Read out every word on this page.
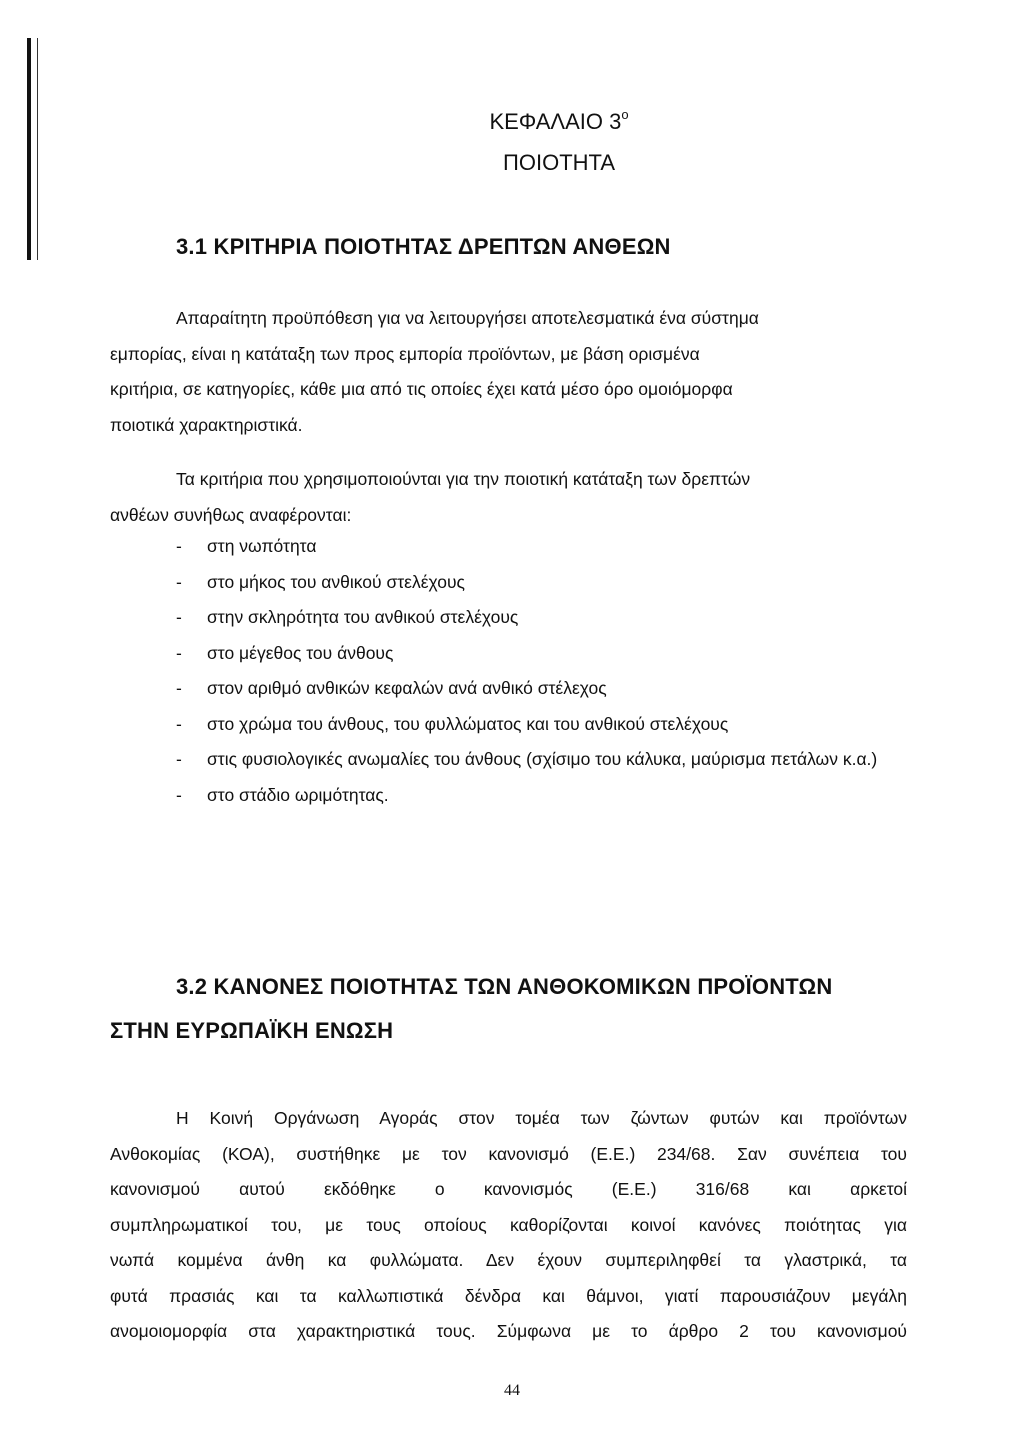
ΚΕΦΑΛΑΙΟ $3^o$
ΠΟΙΟΤΗΤΑ
3.1 ΚΡΙΤΗΡΙΑ ΠΟΙΟΤΗΤΑΣ ΔΡΕΠΤΩΝ ΑΝΘΕΩΝ
Απαραίτητη προϋπόθεση για να λειτουργήσει αποτελεσματικά ένα σύστημα
εμπορίας, είναι η κατάταξη των προς εμπορία προϊόντων, με βάση ορισμένα
κριτήρια, σε κατηγορίες, κάθε μια από τις οποίες έχει κατά μέσο όρο ομοιόμορφα
ποιοτικά χαρακτηριστικά.
Τα κριτήρια που χρησιμοποιούνται για την ποιοτική κατάταξη των δρεπτών
ανθέων συνήθως αναφέρονται:
- στη νωπότητα
- στο μήκος του ανθικού στελέχους
- στην σκληρότητα του ανθικού στελέχους
- στο μέγεθος του άνθους
- στον αριθμό ανθικών κεφαλών ανά ανθικό στέλεχος
- στο χρώμα του άνθους, του φυλλώματος και του ανθικού στελέχους
- στις φυσιολογικές ανωμαλίες του άνθους (σχίσιμο του κάλυκα, μαύρισμα πετάλων κ.α.)
- στο στάδιο ωριμότητας.
3.2 ΚΑΝΟΝΕΣ ΠΟΙΟΤΗΤΑΣ ΤΩΝ ΑΝΘΟΚΟΜΙΚΩΝ ΠΡΟΪΟΝΤΩΝ
ΣΤΗΝ ΕΥΡΩΠΑΪΚΗ ΕΝΩΣΗ
Η Κοινή Οργάνωση Αγοράς στον τομέα των ζώντων φυτών και προϊόντων
Ανθοκομίας (ΚΟΑ), συστήθηκε με τον κανονισμό (Ε.Ε.) 234/68. Σαν συνέπεια του
κανονισμού αυτού εκδόθηκε ο κανονισμός (Ε.Ε.) 316/68 και αρκετοί
συμπληρωματικοί του, με τους οποίους καθορίζονται κοινοί κανόνες ποιότητας για
νωπά κομμένα άνθη κα φυλλώματα. Δεν έχουν συμπεριληφθεί τα γλαστρικά, τα
φυτά πρασιάς και τα καλλωπιστικά δένδρα και θάμνοι, γιατί παρουσιάζουν μεγάλη
ανομοιομορφία στα χαρακτηριστικά τους. Σύμφωνα με το άρθρο 2 του κανονισμού
44
